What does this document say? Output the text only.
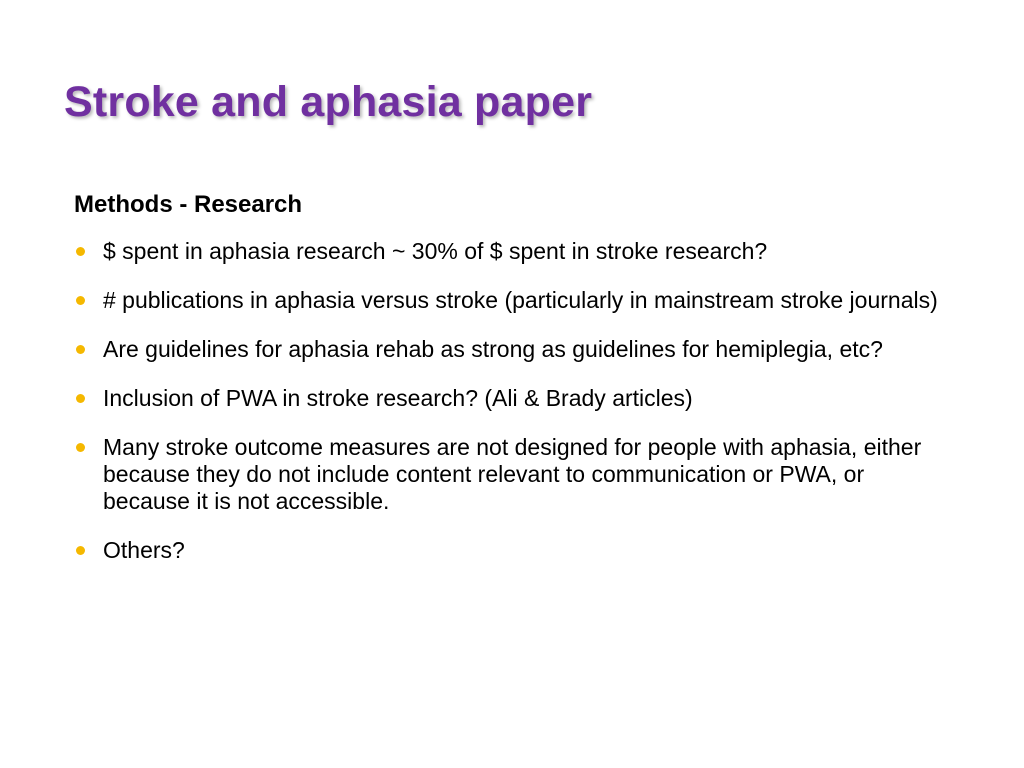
Stroke and aphasia paper
Methods - Research
$ spent in aphasia research ~ 30% of $ spent in stroke research?
# publications in aphasia versus stroke (particularly in mainstream stroke journals)
Are guidelines for aphasia rehab as strong as guidelines for hemiplegia, etc?
Inclusion of PWA in stroke research? (Ali & Brady articles)
Many stroke outcome measures are not designed for people with aphasia, either because they do not include content relevant to communication or PWA, or because it is not accessible.
Others?
